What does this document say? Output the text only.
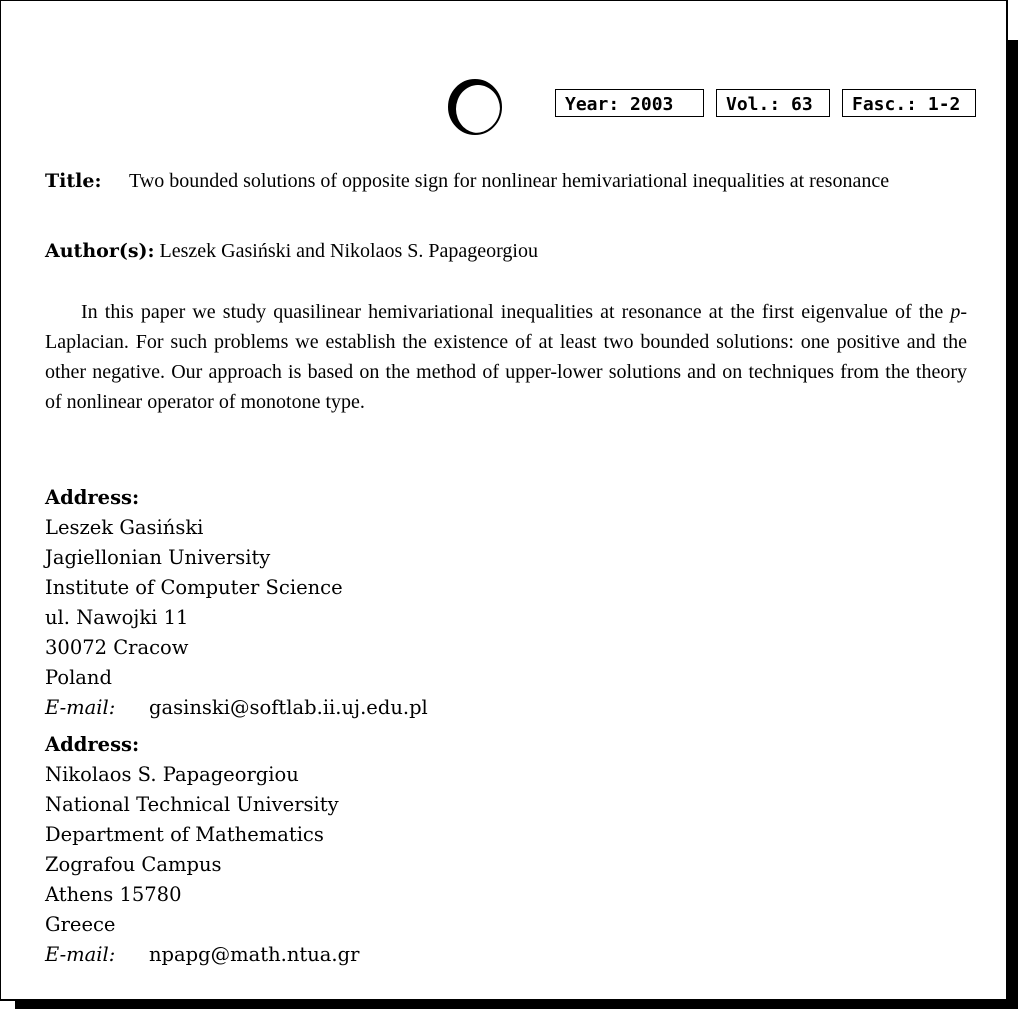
Year: 2003	Vol.: 63	Fasc.: 1-2
Title:	Two bounded solutions of opposite sign for nonlinear hemivariational inequalities at resonance
Author(s): Leszek Gasiński and Nikolaos S. Papageorgiou
In this paper we study quasilinear hemivariational inequalities at resonance at the first eigenvalue of the p-Laplacian. For such problems we establish the existence of at least two bounded solutions: one positive and the other negative. Our approach is based on the method of upper-lower solutions and on techniques from the theory of nonlinear operator of monotone type.
Address:
Leszek Gasiński
Jagiellonian University
Institute of Computer Science
ul. Nawojki 11
30072 Cracow
Poland
E-mail: gasinski@softlab.ii.uj.edu.pl
Address:
Nikolaos S. Papageorgiou
National Technical University
Department of Mathematics
Zografou Campus
Athens 15780
Greece
E-mail: npapg@math.ntua.gr
